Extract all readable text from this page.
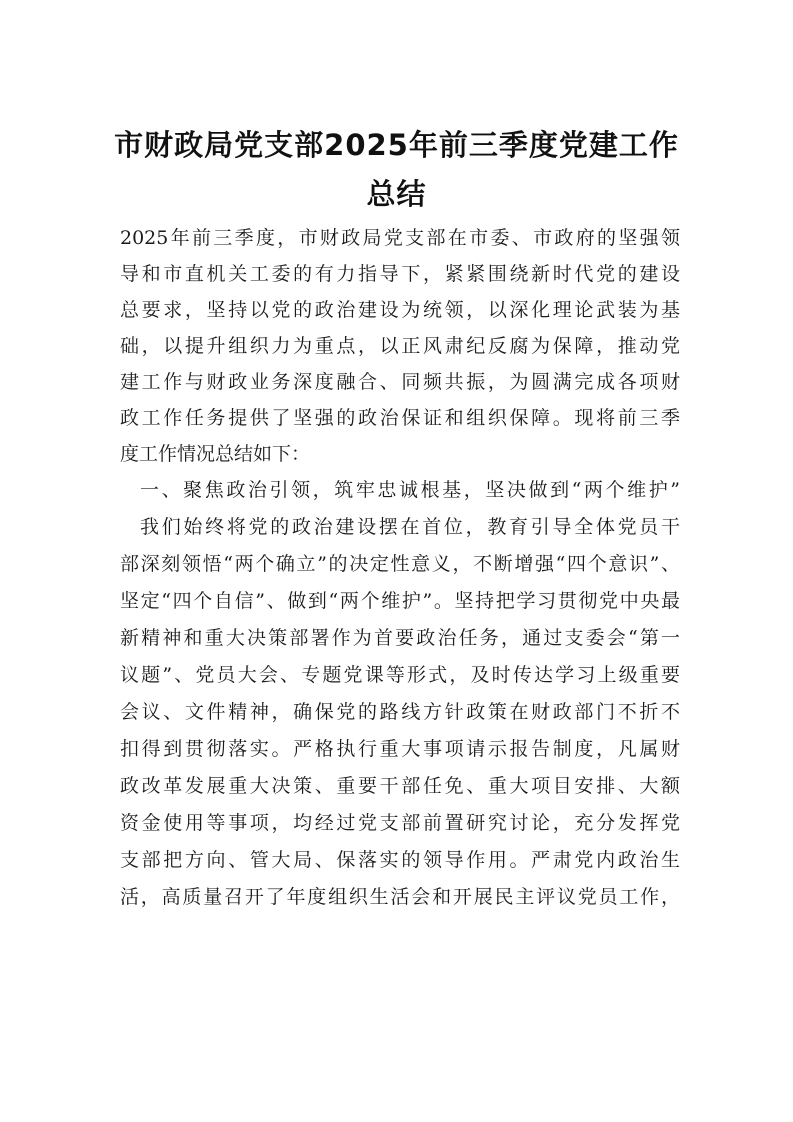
市财政局党支部2025年前三季度党建工作
总结
2025年前三季度，市财政局党支部在市委、市政府的坚强领
导和市直机关工委的有力指导下，紧紧围绕新时代党的建设
总要求，坚持以党的政治建设为统领，以深化理论武装为基
础，以提升组织力为重点，以正风肃纪反腐为保障，推动党
建工作与财政业务深度融合、同频共振，为圆满完成各项财
政工作任务提供了坚强的政治保证和组织保障。现将前三季
度工作情况总结如下：
一、聚焦政治引领，筑牢忠诚根基，坚决做到“两个维护”
我们始终将党的政治建设摆在首位，教育引导全体党员干
部深刻领悟“两个确立”的决定性意义，不断增强“四个意识”、
坚定“四个自信”、做到“两个维护”。坚持把学习贯彻党中央最
新精神和重大决策部署作为首要政治任务，通过支委会“第一
议题”、党员大会、专题党课等形式，及时传达学习上级重要
会议、文件精神，确保党的路线方针政策在财政部门不折不
扣得到贯彻落实。严格执行重大事项请示报告制度，凡属财
政改革发展重大决策、重要干部任免、重大项目安排、大额
资金使用等事项，均经过党支部前置研究讨论，充分发挥党
支部把方向、管大局、保落实的领导作用。严肃党内政治生
活，高质量召开了年度组织生活会和开展民主评议党员工作，
